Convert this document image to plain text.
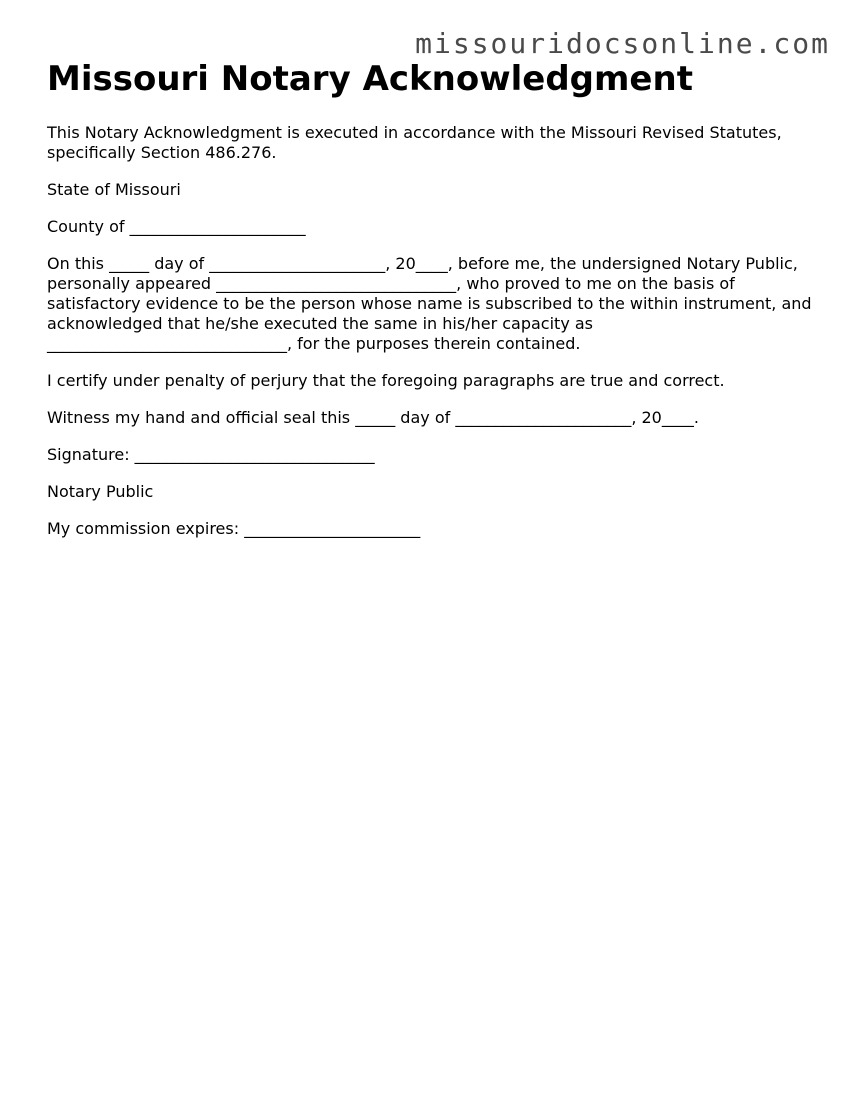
missouridocsonline.com
Missouri Notary Acknowledgment

This Notary Acknowledgment is executed in accordance with the Missouri Revised Statutes, specifically Section 486.276.

State of Missouri

County of ______________________

On this _____ day of ______________________, 20____, before me, the undersigned Notary Public, personally appeared ______________________________, who proved to me on the basis of satisfactory evidence to be the person whose name is subscribed to the within instrument, and acknowledged that he/she executed the same in his/her capacity as ______________________________, for the purposes therein contained.

I certify under penalty of perjury that the foregoing paragraphs are true and correct.

Witness my hand and official seal this _____ day of ______________________, 20____.

Signature: ______________________________

Notary Public

My commission expires: ______________________
